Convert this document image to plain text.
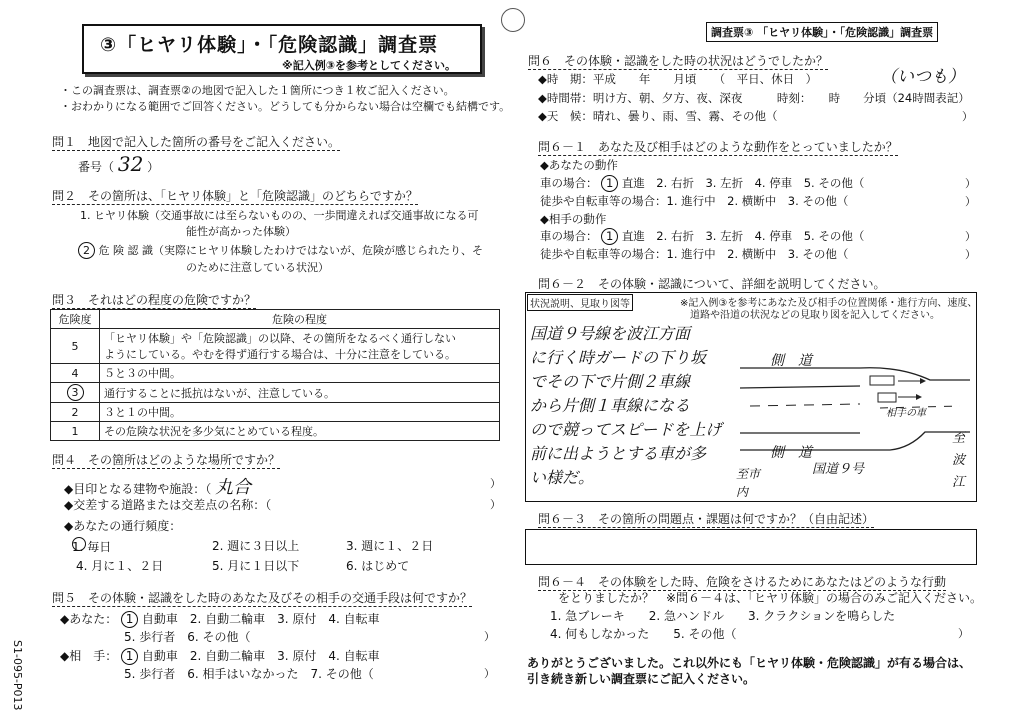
③「ヒヤリ体験」・「危険認識」調査票
※記入例③を参考としてください。
調査票③ 「ヒヤリ体験」・「危険認識」調査票
・この調査票は、調査票②の地図で記入した１箇所につき１枚ご記入ください。
・おわかりになる範囲でご回答ください。どうしても分からない場合は空欄でも結構です。
問１　地図で記入した箇所の番号をご記入ください。
番号（ 32 ）
問２　その箇所は、「ヒヤリ体験」と「危険認識」のどちらですか？
1. ヒヤリ体験（交通事故には至らないものの、一歩間違えれば交通事故になる可
能性が高かった体験）
2 危 険 認 識（実際にヒヤリ体験したわけではないが、危険が感じられたり、そ
のために注意している状況）
問３　それはどの程度の危険ですか？
危険度	危険の程度
5	「ヒヤリ体験」や「危険認識」の以降、その箇所をなるべく通行しない
ようにしている。やむを得ず通行する場合は、十分に注意をしている。

4	５と３の中間。
3	通行することに抵抗はないが、注意している。
2	３と１の中間。
1	その危険な状況を多少気にとめている程度。
問４　その箇所はどのような場所ですか？
◆目印となる建物や施設：（ 丸合	）
◆交差する道路または交差点の名称：（	）
◆あなたの通行頻度：
1. 毎日	2. 週に３日以上	3. 週に１、２日
4. 月に１、２日	5. 月に１日以下	6. はじめて
問５　その体験・認識をした時のあなた及びその相手の交通手段は何ですか？
◆あなた： 1 自動車　2. 自動二輪車　3. 原付　4. 自転車
5. 歩行者　6. その他（	）
◆相　手： 1 自動車　2. 自動二輪車　3. 原付　4. 自転車
5. 歩行者　6. 相手はいなかった　7. その他（	）
S1-095-P013
問６　その体験・認識をした時の状況はどうでしたか？
◆時　期：平成　　年　　月頃　　（　平日、休日　）	（いつも）
◆時間帯：明け方、朝、夕方、夜、深夜　　　時刻：　　時　　分頃（24時間表記）
◆天　候：晴れ、曇り、雨、雪、霧、その他（	）
問６－１　あなた及び相手はどのような動作をとっていましたか？
◆あなたの動作
車の場合： 1 直進　2. 右折　3. 左折　4. 停車　5. その他（	）
徒歩や自転車等の場合：1. 進行中　2. 横断中　3. その他（	）
◆相手の動作
車の場合： 1 直進　2. 右折　3. 左折　4. 停車　5. その他（	）
徒歩や自転車等の場合：1. 進行中　2. 横断中　3. その他（	）
問６－２　その体験・認識について、詳細を説明してください。
状況説明、見取り図等	※記入例③を参考にあなた及び相手の位置関係・進行方向、速度、
道路や沿道の状況などの見取り図を記入してください。
国道９号線を波江方面
に行く時ガードの下り坂
でその下で片側２車線
から片側１車線になる
ので競ってスピードを上げ
前に出ようとする車が多
い様だ。
側　道
側　道
国道９号
相手の車
至市内
至波江
問６－３　その箇所の問題点・課題は何ですか？（自由記述）
問６－４　その体験をした時、危険をさけるためにあなたはどのような行動
をとりましたか？　※問６－４は、「ヒヤリ体験」の場合のみご記入ください。
1. 急ブレーキ　　2. 急ハンドル　　3. クラクションを鳴らした
4. 何もしなかった　　5. その他（	）
ありがとうございました。これ以外にも「ヒヤリ体験・危険認識」が有る場合は、
引き続き新しい調査票にご記入ください。
